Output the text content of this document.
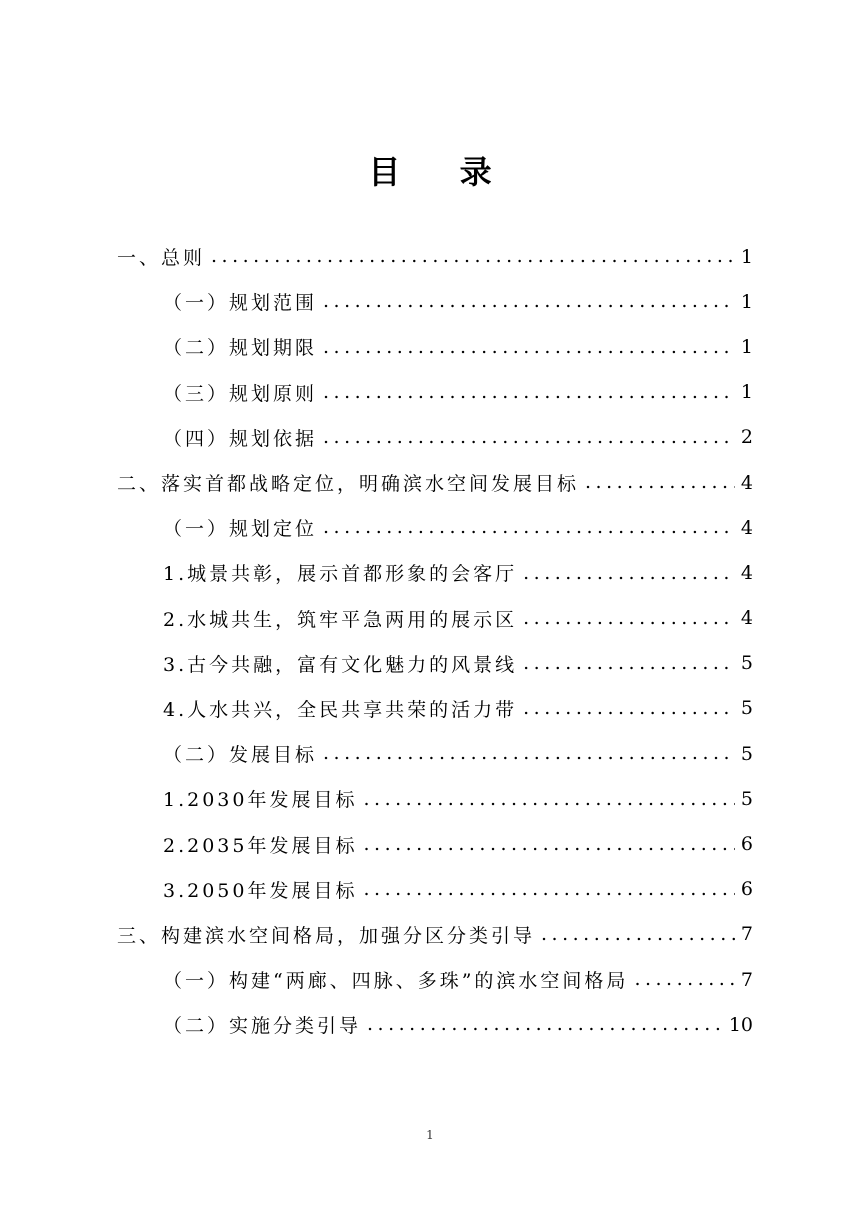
目 录
一、总则 .....	1
（一）规划范围 .....	1
（二）规划期限 .....	1
（三）规划原则 .....	1
（四）规划依据 .....	2
二、落实首都战略定位，明确滨水空间发展目标 .....	4
（一）规划定位 .....	4
1.城景共彰，展示首都形象的会客厅 .....	4
2.水城共生，筑牢平急两用的展示区 .....	4
3.古今共融，富有文化魅力的风景线 .....	5
4.人水共兴，全民共享共荣的活力带 .....	5
（二）发展目标 .....	5
1.2030年发展目标 .....	5
2.2035年发展目标 .....	6
3.2050年发展目标 .....	6
三、构建滨水空间格局，加强分区分类引导 .....	7
（一）构建“两廊、四脉、多珠”的滨水空间格局 .....	7
（二）实施分类引导 .....	10
1
